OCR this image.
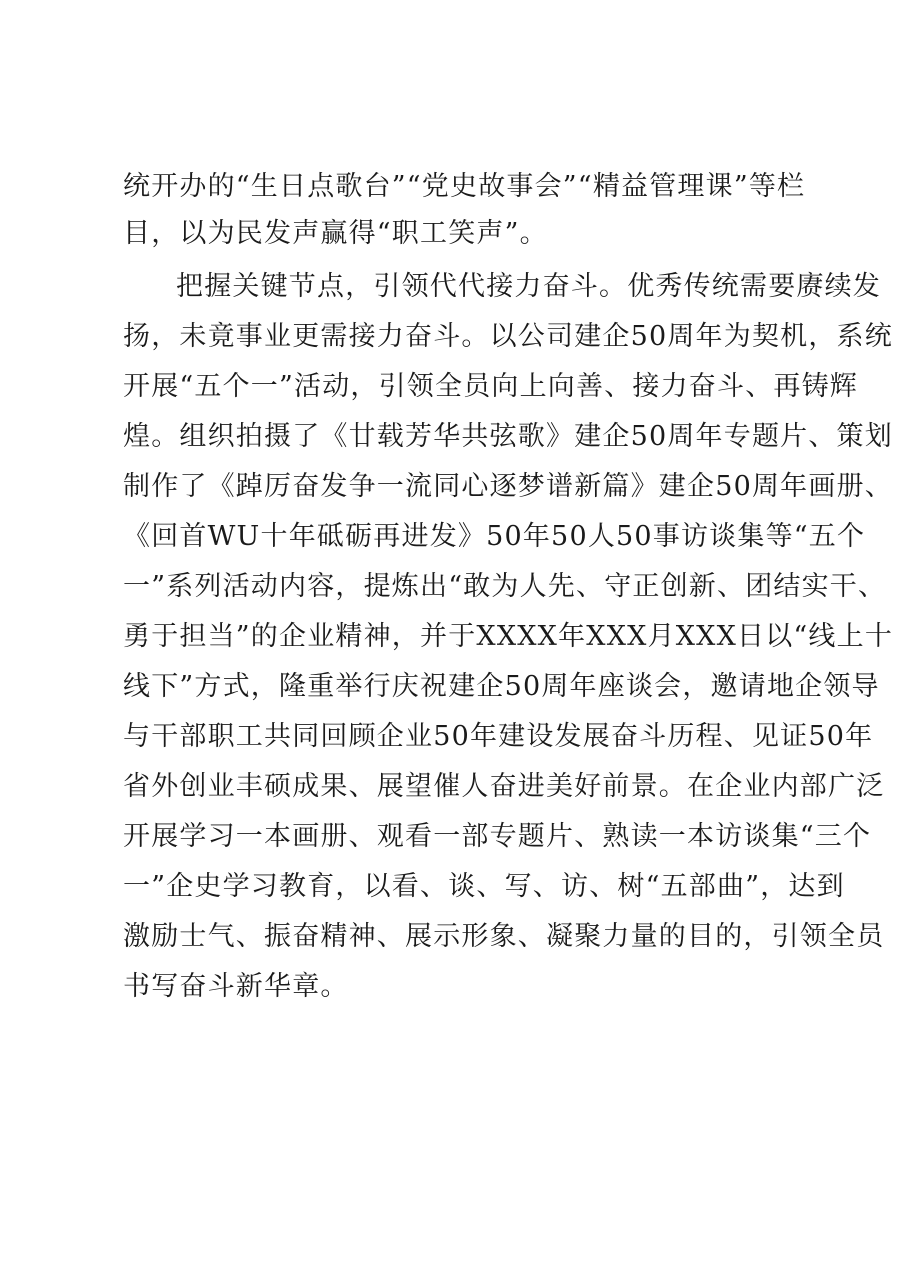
统开办的“生日点歌台”“党史故事会”“精益管理课”等栏
目，以为民发声赢得“职工笑声”。
把握关键节点，引领代代接力奋斗。优秀传统需要赓续发
扬，未竟事业更需接力奋斗。以公司建企50周年为契机，系统
开展“五个一”活动，引领全员向上向善、接力奋斗、再铸辉
煌。组织拍摄了《廿载芳华共弦歌》建企50周年专题片、策划
制作了《踔厉奋发争一流同心逐梦谱新篇》建企50周年画册、
《回首WU十年砥砺再进发》50年50人50事访谈集等“五个
一”系列活动内容，提炼出“敢为人先、守正创新、团结实干、
勇于担当”的企业精神，并于XXXX年XXX月XXX日以“线上十
线下”方式，隆重举行庆祝建企50周年座谈会，邀请地企领导
与干部职工共同回顾企业50年建设发展奋斗历程、见证50年
省外创业丰硕成果、展望催人奋进美好前景。在企业内部广泛
开展学习一本画册、观看一部专题片、熟读一本访谈集“三个
一”企史学习教育，以看、谈、写、访、树“五部曲”，达到
激励士气、振奋精神、展示形象、凝聚力量的目的，引领全员
书写奋斗新华章。
